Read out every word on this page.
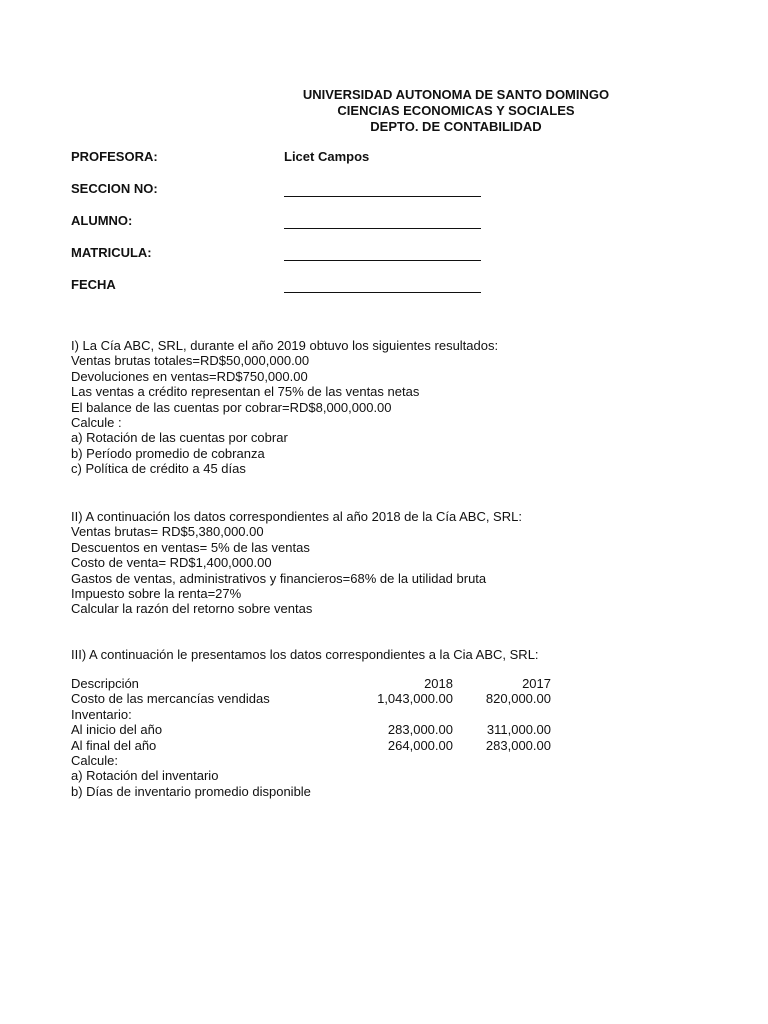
UNIVERSIDAD AUTONOMA DE SANTO DOMINGO
CIENCIAS ECONOMICAS Y SOCIALES
DEPTO. DE CONTABILIDAD
PROFESORA:	Licet Campos
SECCION NO:
ALUMNO:
MATRICULA:
FECHA
I) La Cía ABC, SRL, durante el año 2019 obtuvo los siguientes resultados:
Ventas brutas totales=RD$50,000,000.00
Devoluciones en ventas=RD$750,000.00
Las ventas a crédito representan el 75% de las ventas netas
El balance de las cuentas por cobrar=RD$8,000,000.00
Calcule :
a) Rotación de las cuentas por cobrar
b) Período promedio de cobranza
c) Política de crédito a 45 días
II) A continuación los datos correspondientes al año 2018 de la Cía ABC, SRL:
Ventas brutas= RD$5,380,000.00
Descuentos en ventas= 5% de las ventas
Costo de venta= RD$1,400,000.00
Gastos de ventas, administrativos y financieros=68% de la utilidad bruta
Impuesto sobre la renta=27%
Calcular la razón del retorno sobre ventas
III) A continuación le presentamos los datos correspondientes a la Cia ABC, SRL:
Descripción	2018	2017
Costo de las mercancías vendidas	1,043,000.00	820,000.00
Inventario:
Al inicio del año	283,000.00	311,000.00
Al final del año	264,000.00	283,000.00
Calcule:
a) Rotación del inventario
b) Días de inventario promedio disponible
